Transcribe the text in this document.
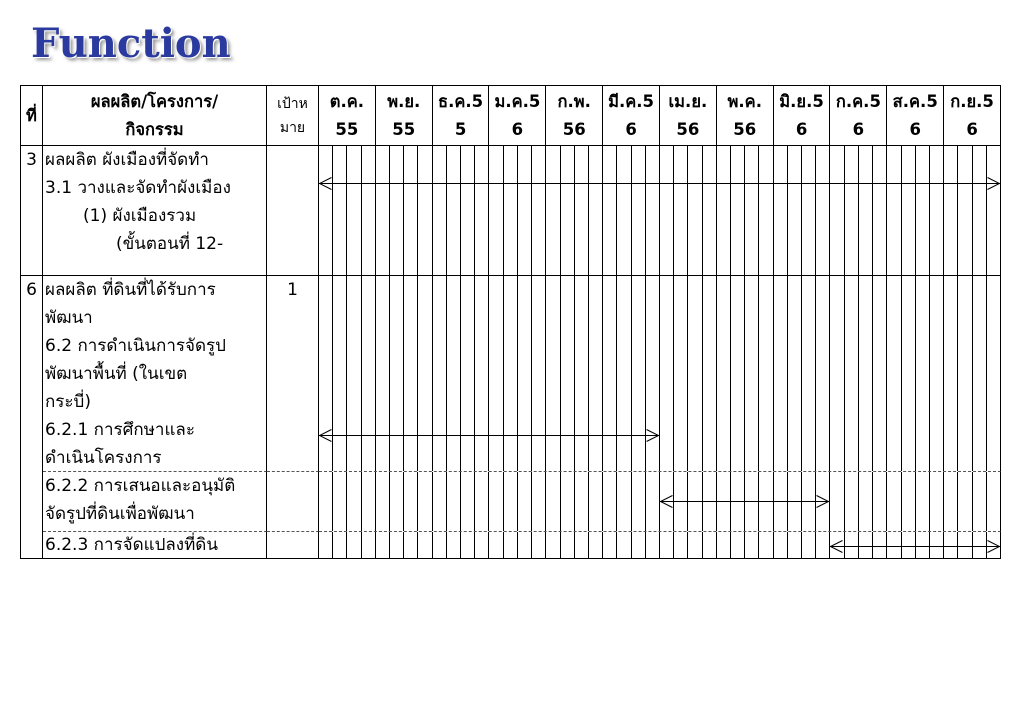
Function
ที่
ผลผลิต/โครงการ/
กิจกรรม
เป้าห
มาย
ต.ค.
55
พ.ย.
55
ธ.ค.5
5
ม.ค.5
6
ก.พ.
56
มี.ค.5
6
เม.ย.
56
พ.ค.
56
มิ.ย.5
6
ก.ค.5
6
ส.ค.5
6
ก.ย.5
6
3 ผลผลิต ผังเมืองที่จัดทำ
3.1 วางและจัดทำผังเมือง
(1) ผังเมืองรวม
(ขั้นตอนที่ 12-
6 ผลผลิต ที่ดินที่ได้รับการ
พัฒนา
6.2 การดำเนินการจัดรูป
พัฒนาพื้นที่ (ในเขต
กระบี่)
6.2.1 การศึกษาและ
ดำเนินโครงการ
1
6.2.2 การเสนอและอนุมัติ
จัดรูปที่ดินเพื่อพัฒนา
6.2.3 การจัดแปลงที่ดิน
